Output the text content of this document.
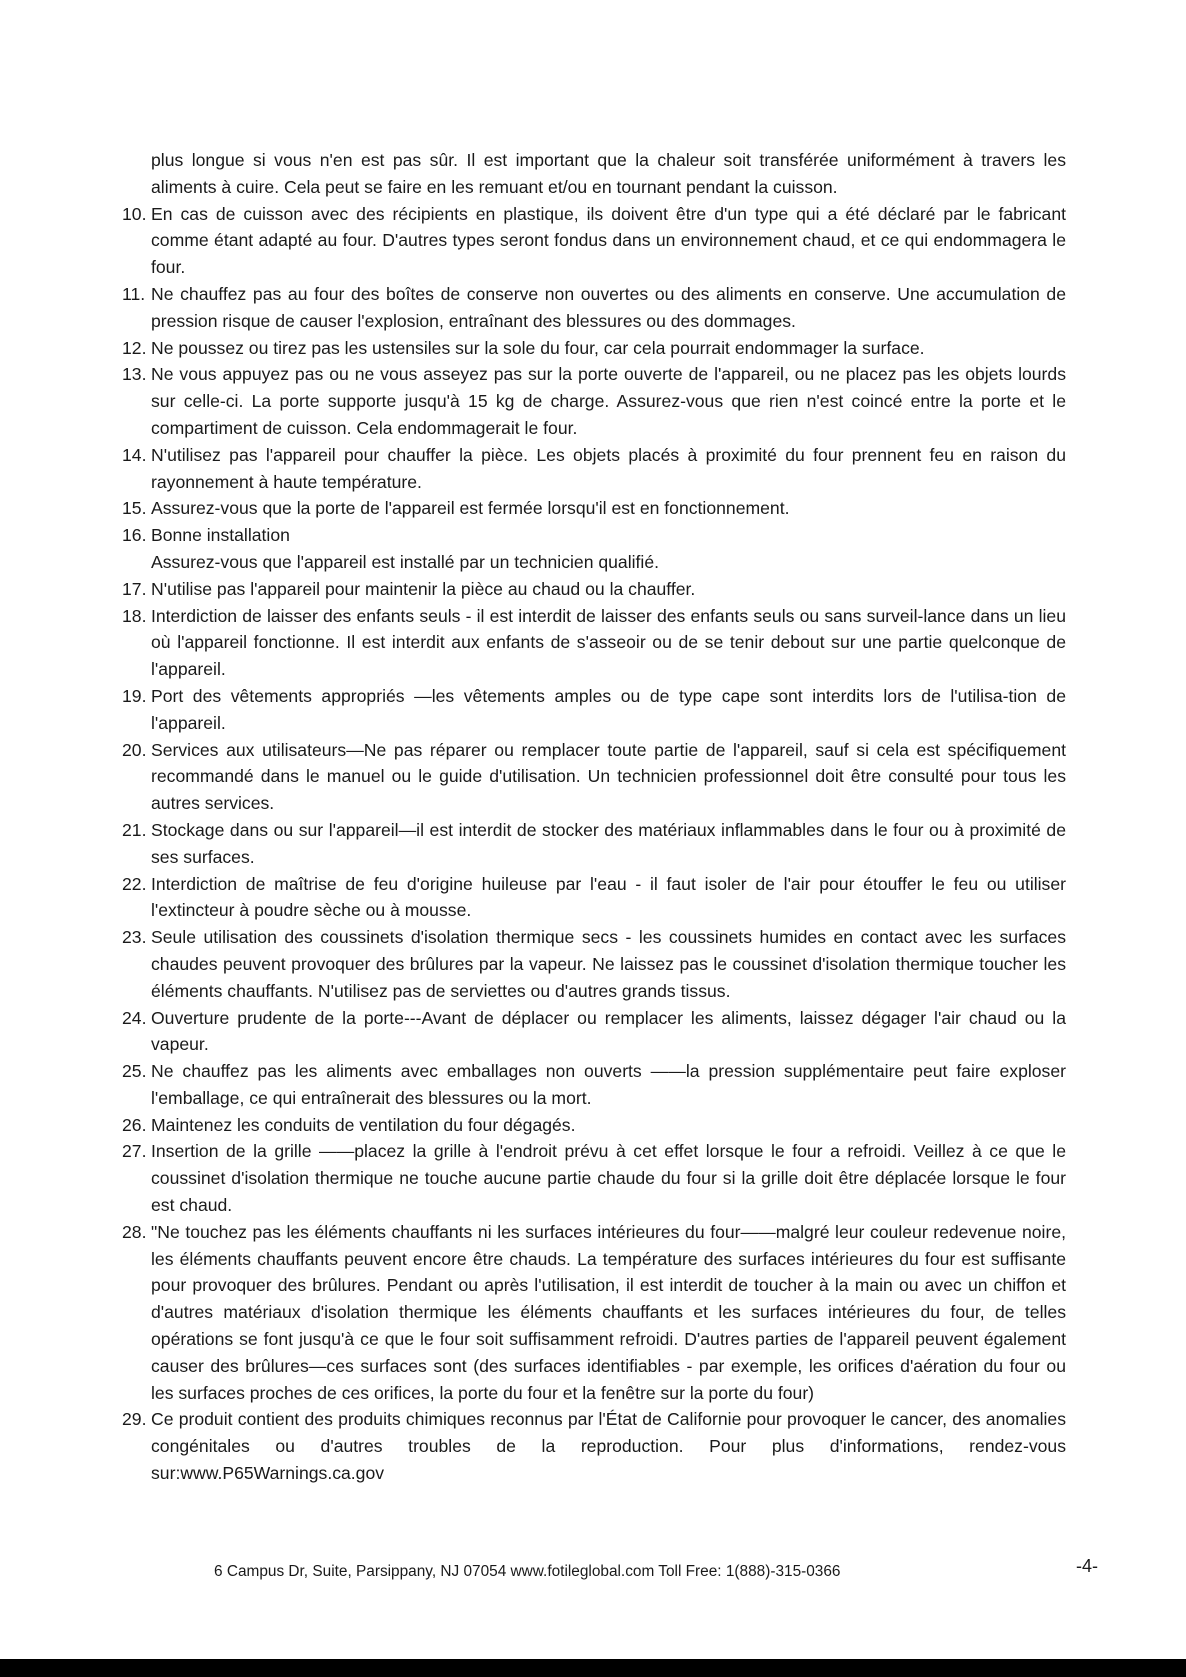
plus longue si vous n'en est pas sûr. Il est important que la chaleur soit transférée uniformément à travers les aliments à cuire. Cela peut se faire en les remuant et/ou en tournant pendant la cuisson.

10. En cas de cuisson avec des récipients en plastique, ils doivent être d'un type qui a été déclaré par le fabricant comme étant adapté au four. D'autres types seront fondus dans un environnement chaud, et ce qui endommagera le four.
11. Ne chauffez pas au four des boîtes de conserve non ouvertes ou des aliments en conserve. Une accumulation de pression risque de causer l'explosion, entraînant des blessures ou des dommages.
12. Ne poussez ou tirez pas les ustensiles sur la sole du four, car cela pourrait endommager la surface.
13. Ne vous appuyez pas ou ne vous asseyez pas sur la porte ouverte de l'appareil, ou ne placez pas les objets lourds sur celle-ci. La porte supporte jusqu'à 15 kg de charge. Assurez-vous que rien n'est coincé entre la porte et le compartiment de cuisson. Cela endommagerait le four.
14. N'utilisez pas l'appareil pour chauffer la pièce. Les objets placés à proximité du four prennent feu en raison du rayonnement à haute température.
15. Assurez-vous que la porte de l'appareil est fermée lorsqu'il est en fonctionnement.
16. Bonne installation
Assurez-vous que l'appareil est installé par un technicien qualifié.
17. N'utilise pas l'appareil pour maintenir la pièce au chaud ou la chauffer.
18. Interdiction de laisser des enfants seuls - il est interdit de laisser des enfants seuls ou sans surveil-lance dans un lieu où l'appareil fonctionne. Il est interdit aux enfants de s'asseoir ou de se tenir debout sur une partie quelconque de l'appareil.
19. Port des vêtements appropriés —les vêtements amples ou de type cape sont interdits lors de l'utilisa-tion de l'appareil.
20. Services aux utilisateurs—Ne pas réparer ou remplacer toute partie de l'appareil, sauf si cela est spécifiquement recommandé dans le manuel ou le guide d'utilisation. Un technicien professionnel doit être consulté pour tous les autres services.
21. Stockage dans ou sur l'appareil—il est interdit de stocker des matériaux inflammables dans le four ou à proximité de ses surfaces.
22. Interdiction de maîtrise de feu d'origine huileuse par l'eau - il faut isoler de l'air pour étouffer le feu ou utiliser l'extincteur à poudre sèche ou à mousse.
23. Seule utilisation des coussinets d'isolation thermique secs - les coussinets humides en contact avec les surfaces chaudes peuvent provoquer des brûlures par la vapeur. Ne laissez pas le coussinet d'isolation thermique toucher les éléments chauffants. N'utilisez pas de serviettes ou d'autres grands tissus.
24. Ouverture prudente de la porte---Avant de déplacer ou remplacer les aliments, laissez dégager l'air chaud ou la vapeur.
25. Ne chauffez pas les aliments avec emballages non ouverts ——la pression supplémentaire peut faire exploser l'emballage, ce qui entraînerait des blessures ou la mort.
26. Maintenez les conduits de ventilation du four dégagés.
27. Insertion de la grille ——placez la grille à l'endroit prévu à cet effet lorsque le four a refroidi. Veillez à ce que le coussinet d'isolation thermique ne touche aucune partie chaude du four si la grille doit être déplacée lorsque le four est chaud.
28. "Ne touchez pas les éléments chauffants ni les surfaces intérieures du four——malgré leur couleur redevenue noire, les éléments chauffants peuvent encore être chauds. La température des surfaces intérieures du four est suffisante pour provoquer des brûlures. Pendant ou après l'utilisation, il est interdit de toucher à la main ou avec un chiffon et d'autres matériaux d'isolation thermique les éléments chauffants et les surfaces intérieures du four, de telles opérations se font jusqu'à ce que le four soit suffisamment refroidi. D'autres parties de l'appareil peuvent également causer des brûlures—ces surfaces sont (des surfaces identifiables - par exemple, les orifices d'aération du four ou les surfaces proches de ces orifices, la porte du four et la fenêtre sur la porte du four)
29. Ce produit contient des produits chimiques reconnus par l'État de Californie pour provoquer le cancer, des anomalies congénitales ou d'autres troubles de la reproduction. Pour plus d'informations, rendez-vous sur:www.P65Warnings.ca.gov
6 Campus Dr, Suite, Parsippany, NJ 07054 www.fotileglobal.com Toll Free: 1(888)-315-0366	-4-
